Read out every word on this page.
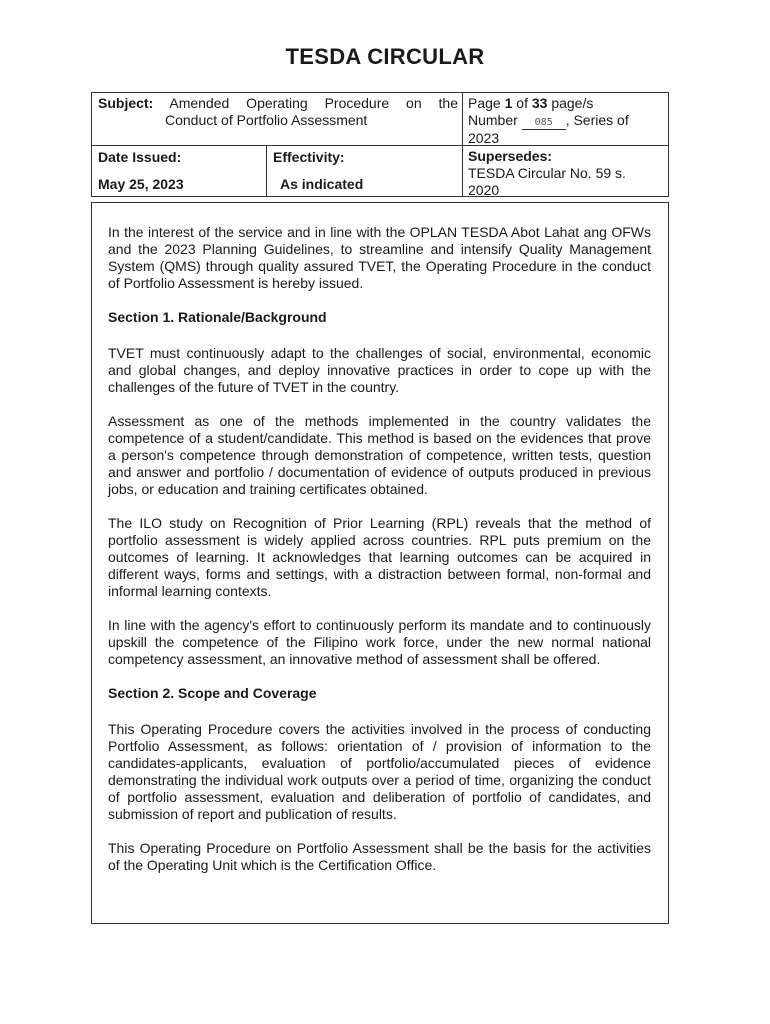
TESDA CIRCULAR
Subject: Amended Operating Procedure on the
Conduct of Portfolio Assessment
Page 1 of 33 page/s
Number 085 , Series of
2023
Date Issued:
May 25, 2023
Effectivity:
As indicated
Supersedes:
TESDA Circular No. 59 s.
2020

In the interest of the service and in line with the OPLAN TESDA Abot Lahat ang OFWs and the 2023 Planning Guidelines, to streamline and intensify Quality Management System (QMS) through quality assured TVET, the Operating Procedure in the conduct of Portfolio Assessment is hereby issued.

Section 1. Rationale/Background

TVET must continuously adapt to the challenges of social, environmental, economic and global changes, and deploy innovative practices in order to cope up with the challenges of the future of TVET in the country.

Assessment as one of the methods implemented in the country validates the competence of a student/candidate. This method is based on the evidences that prove a person's competence through demonstration of competence, written tests, question and answer and portfolio / documentation of evidence of outputs produced in previous jobs, or education and training certificates obtained.

The ILO study on Recognition of Prior Learning (RPL) reveals that the method of portfolio assessment is widely applied across countries. RPL puts premium on the outcomes of learning. It acknowledges that learning outcomes can be acquired in different ways, forms and settings, with a distraction between formal, non-formal and informal learning contexts.

In line with the agency's effort to continuously perform its mandate and to continuously upskill the competence of the Filipino work force, under the new normal national competency assessment, an innovative method of assessment shall be offered.

Section 2. Scope and Coverage

This Operating Procedure covers the activities involved in the process of conducting Portfolio Assessment, as follows: orientation of / provision of information to the candidates-applicants, evaluation of portfolio/accumulated pieces of evidence demonstrating the individual work outputs over a period of time, organizing the conduct of portfolio assessment, evaluation and deliberation of portfolio of candidates, and submission of report and publication of results.

This Operating Procedure on Portfolio Assessment shall be the basis for the activities of the Operating Unit which is the Certification Office.
